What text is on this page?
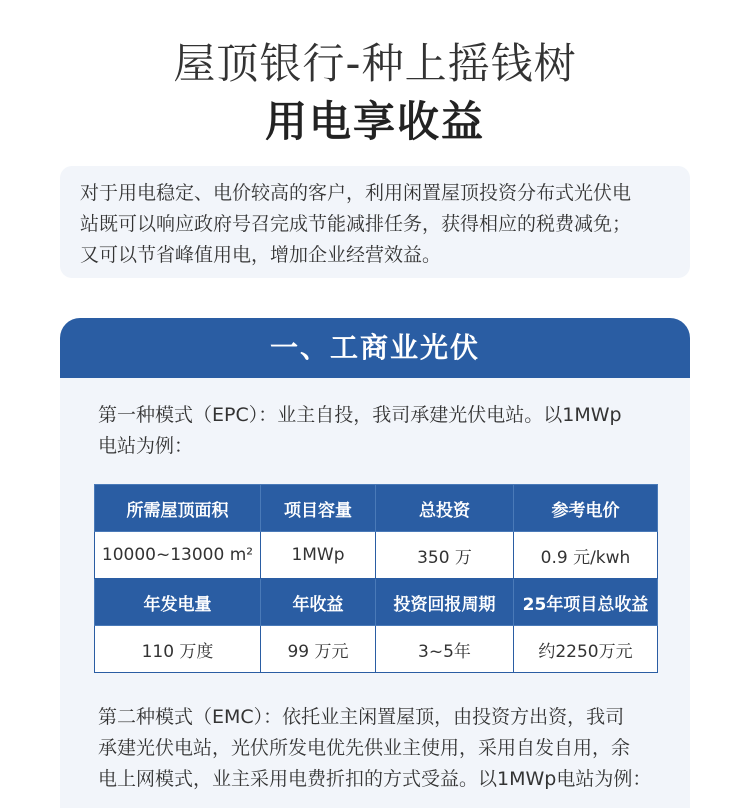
屋顶银行-种上摇钱树
用电享收益
对于用电稳定、电价较高的客户，利用闲置屋顶投资分布式光伏电
站既可以响应政府号召完成节能减排任务，获得相应的税费减免；
又可以节省峰值用电，增加企业经营效益。
一、工商业光伏
第一种模式（EPC）：业主自投，我司承建光伏电站。以1MWp
电站为例：
所需屋顶面积	项目容量	总投资	参考电价
10000~13000 m²	1MWp	350 万	0.9 元/kwh
年发电量	年收益	投资回报周期	25年项目总收益
110 万度	99 万元	3~5年	约2250万元
第二种模式（EMC）：依托业主闲置屋顶，由投资方出资，我司
承建光伏电站，光伏所发电优先供业主使用，采用自发自用，余
电上网模式，业主采用电费折扣的方式受益。以1MWp电站为例：
